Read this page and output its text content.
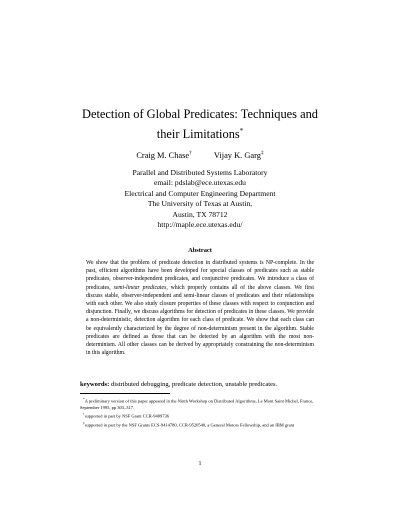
Detection of Global Predicates: Techniques and
their Limitations*
Craig M. Chase†	Vijay K. Garg‡
Parallel and Distributed Systems Laboratory
email: pdslab@ece.utexas.edu
Electrical and Computer Engineering Department
The University of Texas at Austin,
Austin, TX 78712
http://maple.ece.utexas.edu/
Abstract
We show that the problem of predicate detection in distributed systems is NP-complete. In the past, efficient algorithms have been developed for special classes of predicates such as stable predicates, observer-independent predicates, and conjunctive predicates. We introduce a class of predicates, semi-linear predicates, which properly contains all of the above classes. We first discuss stable, observer-independent and semi-linear classes of predicates and their relationships with each other. We also study closure properties of these classes with respect to conjunction and disjunction. Finally, we discuss algorithms for detection of predicates in these classes. We provide a non-deterministic, detection algorithm for each class of predicate. We show that each class can be equivalently characterized by the degree of non-determinism present in the algorithm. Stable predicates are defined as those that can be detected by an algorithm with the most non-determinism. All other classes can be derived by appropriately constraining the non-determinism in this algorithm.
keywords: distributed debugging, predicate detection, unstable predicates.
*A preliminary version of this paper appeared in the Ninth Workshop on Distributed Algorithms, Le Mont Saint Michel, France, September 1995, pp 303–317.
†supported in part by NSF Grant CCR-9409736
‡supported in part by the NSF Grants ECS-9414780, CCR-9520540, a General Motors Fellowship, and an IBM grant
1
